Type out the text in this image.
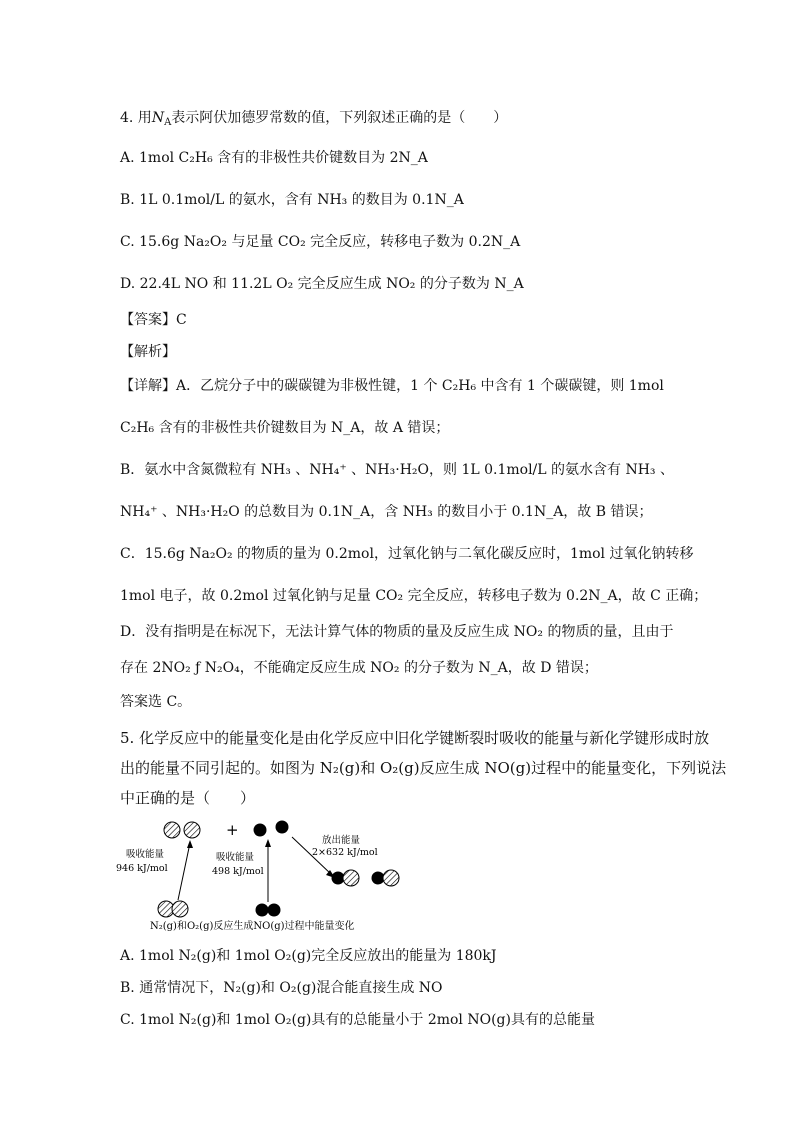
4. 用$N_A$表示阿伏加德罗常数的值，下列叙述正确的是（　　）
A. 1mol C₂H₆ 含有的非极性共价键数目为 2N_A
B. 1L 0.1mol/L 的氨水，含有 NH₃ 的数目为 0.1N_A
C. 15.6g Na₂O₂ 与足量 CO₂ 完全反应，转移电子数为 0.2N_A
D. 22.4L NO 和 11.2L O₂ 完全反应生成 NO₂ 的分子数为 N_A
【答案】C
【解析】
【详解】A．乙烷分子中的碳碳键为非极性键，1 个 C₂H₆ 中含有 1 个碳碳键，则 1mol
C₂H₆ 含有的非极性共价键数目为 N_A，故 A 错误；
B．氨水中含氮微粒有 NH₃ 、NH₄⁺ 、NH₃·H₂O，则 1L 0.1mol/L 的氨水含有 NH₃ 、
NH₄⁺ 、NH₃·H₂O 的总数目为 0.1N_A，含 NH₃ 的数目小于 0.1N_A，故 B 错误；
C．15.6g Na₂O₂ 的物质的量为 0.2mol，过氧化钠与二氧化碳反应时，1mol 过氧化钠转移
1mol 电子，故 0.2mol 过氧化钠与足量 CO₂ 完全反应，转移电子数为 0.2N_A，故 C 正确；
D．没有指明是在标况下，无法计算气体的物质的量及反应生成 NO₂ 的物质的量，且由于
存在 2NO₂ ƒ N₂O₄，不能确定反应生成 NO₂ 的分子数为 N_A，故 D 错误；
答案选 C。
5. 化学反应中的能量变化是由化学反应中旧化学键断裂时吸收的能量与新化学键形成时放
出的能量不同引起的。如图为 N₂(g)和 O₂(g)反应生成 NO(g)过程中的能量变化，下列说法
中正确的是（　　）
+
吸收能量
946 kJ/mol
吸收能量
498 kJ/mol
放出能量
2×632 kJ/mol
N₂(g)和O₂(g)反应生成NO(g)过程中能量变化
A. 1mol N₂(g)和 1mol O₂(g)完全反应放出的能量为 180kJ
B. 通常情况下，N₂(g)和 O₂(g)混合能直接生成 NO
C. 1mol N₂(g)和 1mol O₂(g)具有的总能量小于 2mol NO(g)具有的总能量
